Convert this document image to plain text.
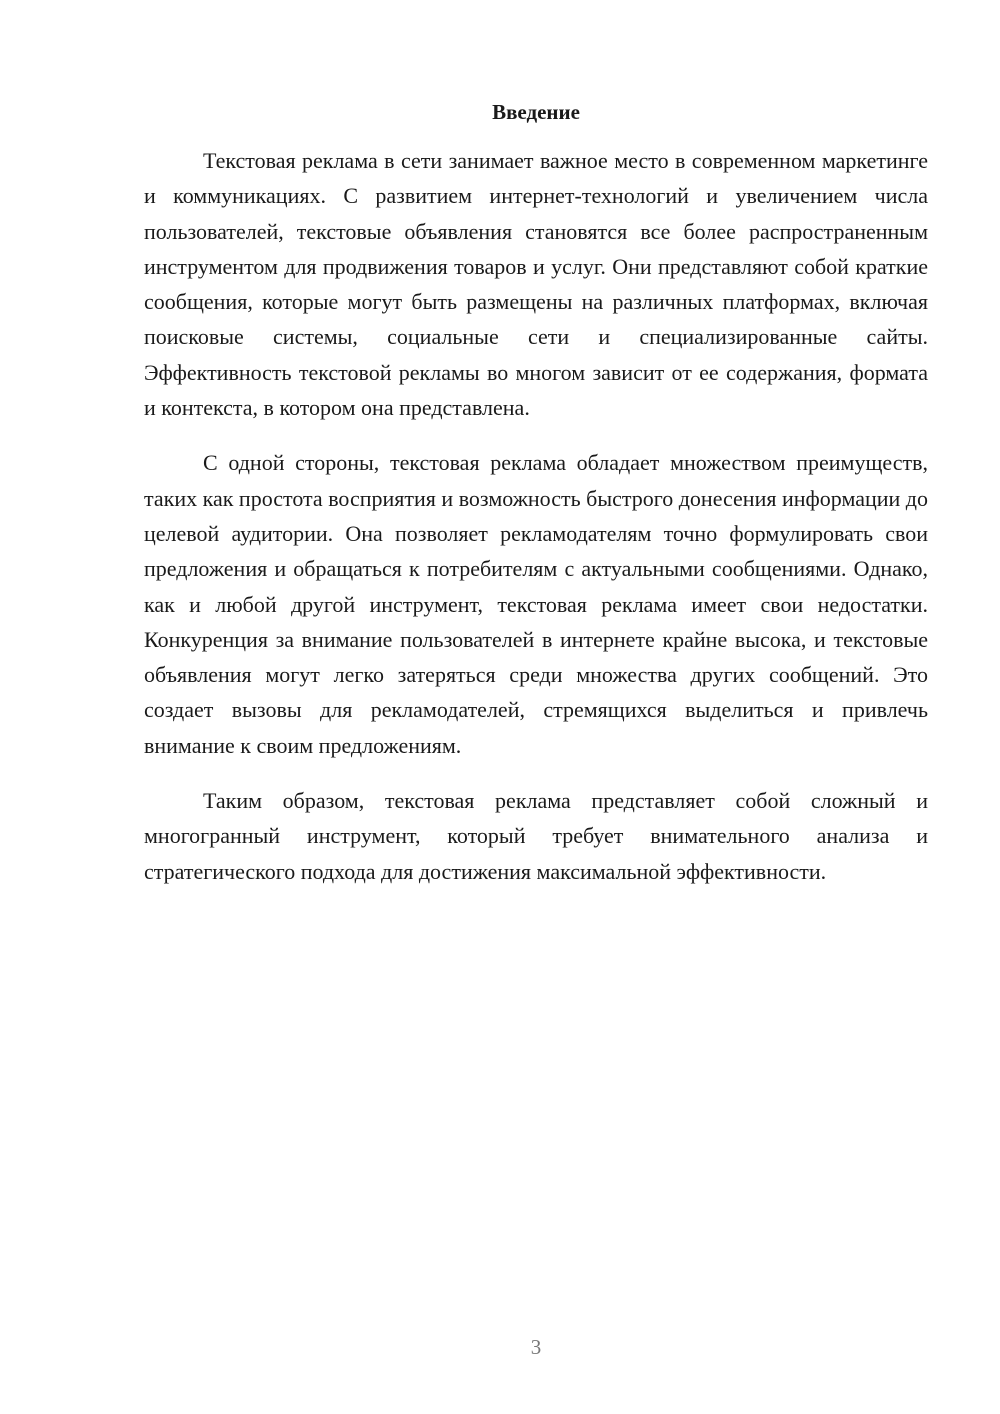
Введение

Текстовая реклама в сети занимает важное место в современном маркетинге и коммуникациях. С развитием интернет-технологий и увеличением числа пользователей, текстовые объявления становятся все более распространенным инструментом для продвижения товаров и услуг. Они представляют собой краткие сообщения, которые могут быть размещены на различных платформах, включая поисковые системы, социальные сети и специализированные сайты. Эффективность текстовой рекламы во многом зависит от ее содержания, формата и контекста, в котором она представлена.

С одной стороны, текстовая реклама обладает множеством преимуществ, таких как простота восприятия и возможность быстрого донесения информации до целевой аудитории. Она позволяет рекламодателям точно формулировать свои предложения и обращаться к потребителям с актуальными сообщениями. Однако, как и любой другой инструмент, текстовая реклама имеет свои недостатки. Конкуренция за внимание пользователей в интернете крайне высока, и текстовые объявления могут легко затеряться среди множества других сообщений. Это создает вызовы для рекламодателей, стремящихся выделиться и привлечь внимание к своим предложениям.

Таким образом, текстовая реклама представляет собой сложный и многогранный инструмент, который требует внимательного анализа и стратегического подхода для достижения максимальной эффективности.

3
